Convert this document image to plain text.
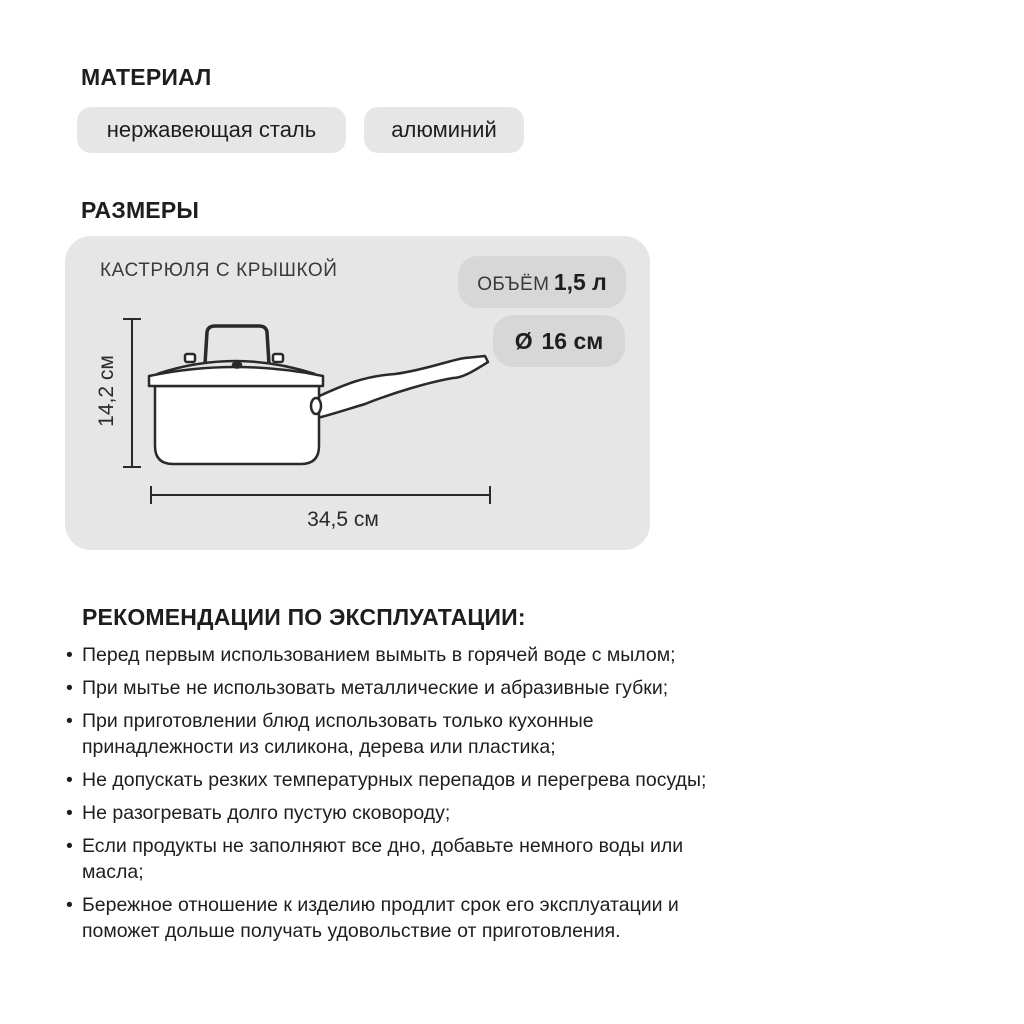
МАТЕРИАЛ
нержавеющая сталь	алюминий
РАЗМЕРЫ
КАСТРЮЛЯ С КРЫШКОЙ
ОБЪЁМ 1,5 л
Ø 16 см
34,5 см
14,2 см
РЕКОМЕНДАЦИИ ПО ЭКСПЛУАТАЦИИ:
• Перед первым использованием вымыть в горячей воде с мылом;
• При мытье не использовать металлические и абразивные губки;
• При приготовлении блюд использовать только кухонные принадлежности из силикона, дерева или пластика;
• Не допускать резких температурных перепадов и перегрева посуды;
• Не разогревать долго пустую сковороду;
• Если продукты не заполняют все дно, добавьте немного воды или масла;
• Бережное отношение к изделию продлит срок его эксплуатации и поможет дольше получать удовольствие от приготовления.
